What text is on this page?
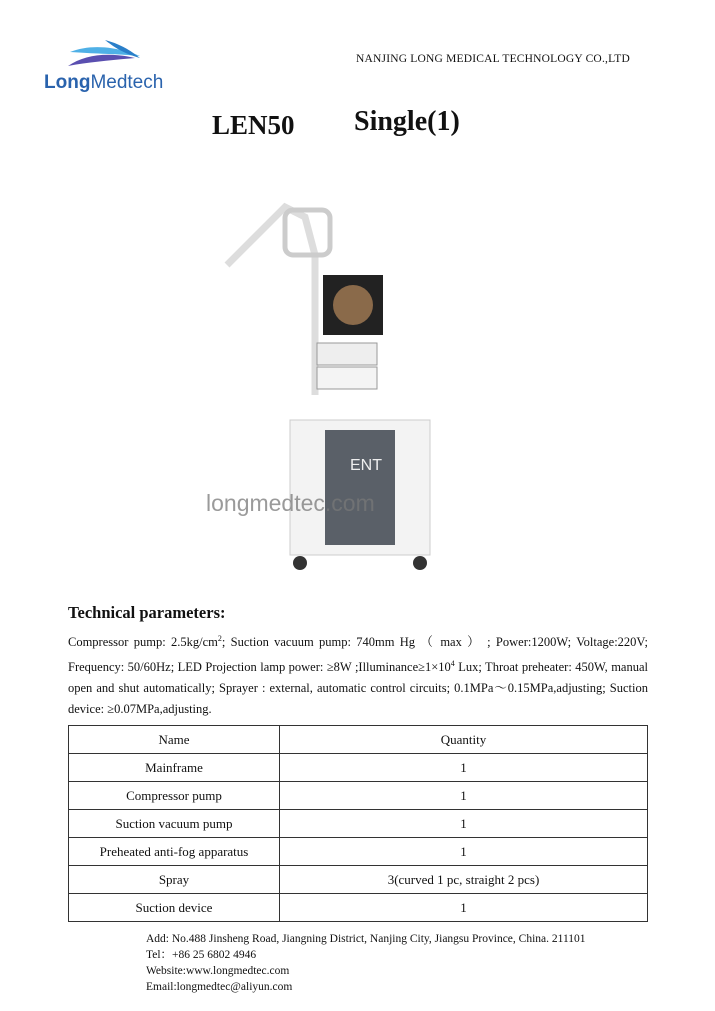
LongMedtech
NANJING LONG MEDICAL TECHNOLOGY CO.,LTD
LEN50 Single(1)
ENT
longmedtec.com
Technical parameters:
Compressor pump: $2.5kg/cm^2$; Suction vacuum pump: 740mm Hg （ max ） ; Power:1200W; Voltage:220V; Frequency: 50/60Hz; LED Projection lamp power: ≥8W $;Illuminance\ge 1\times 10^4$ Lux; Throat preheater: 450W, manual open and shut automatically; Sprayer : external, automatic control circuits; 0.1MPa～0.15MPa,adjusting; Suction device: ≥0.07MPa,adjusting.
Name	Quantity
Mainframe	1
Compressor pump	1
Suction vacuum pump	1
Preheated anti-fog apparatus	1
Spray	3(curved 1 pc, straight 2 pcs)
Suction device	1
Add: No.488 Jinsheng Road, Jiangning District, Nanjing City, Jiangsu Province, China. 211101
Tel：+86 25 6802 4946
Website:www.longmedtec.com
Email:longmedtec@aliyun.com
